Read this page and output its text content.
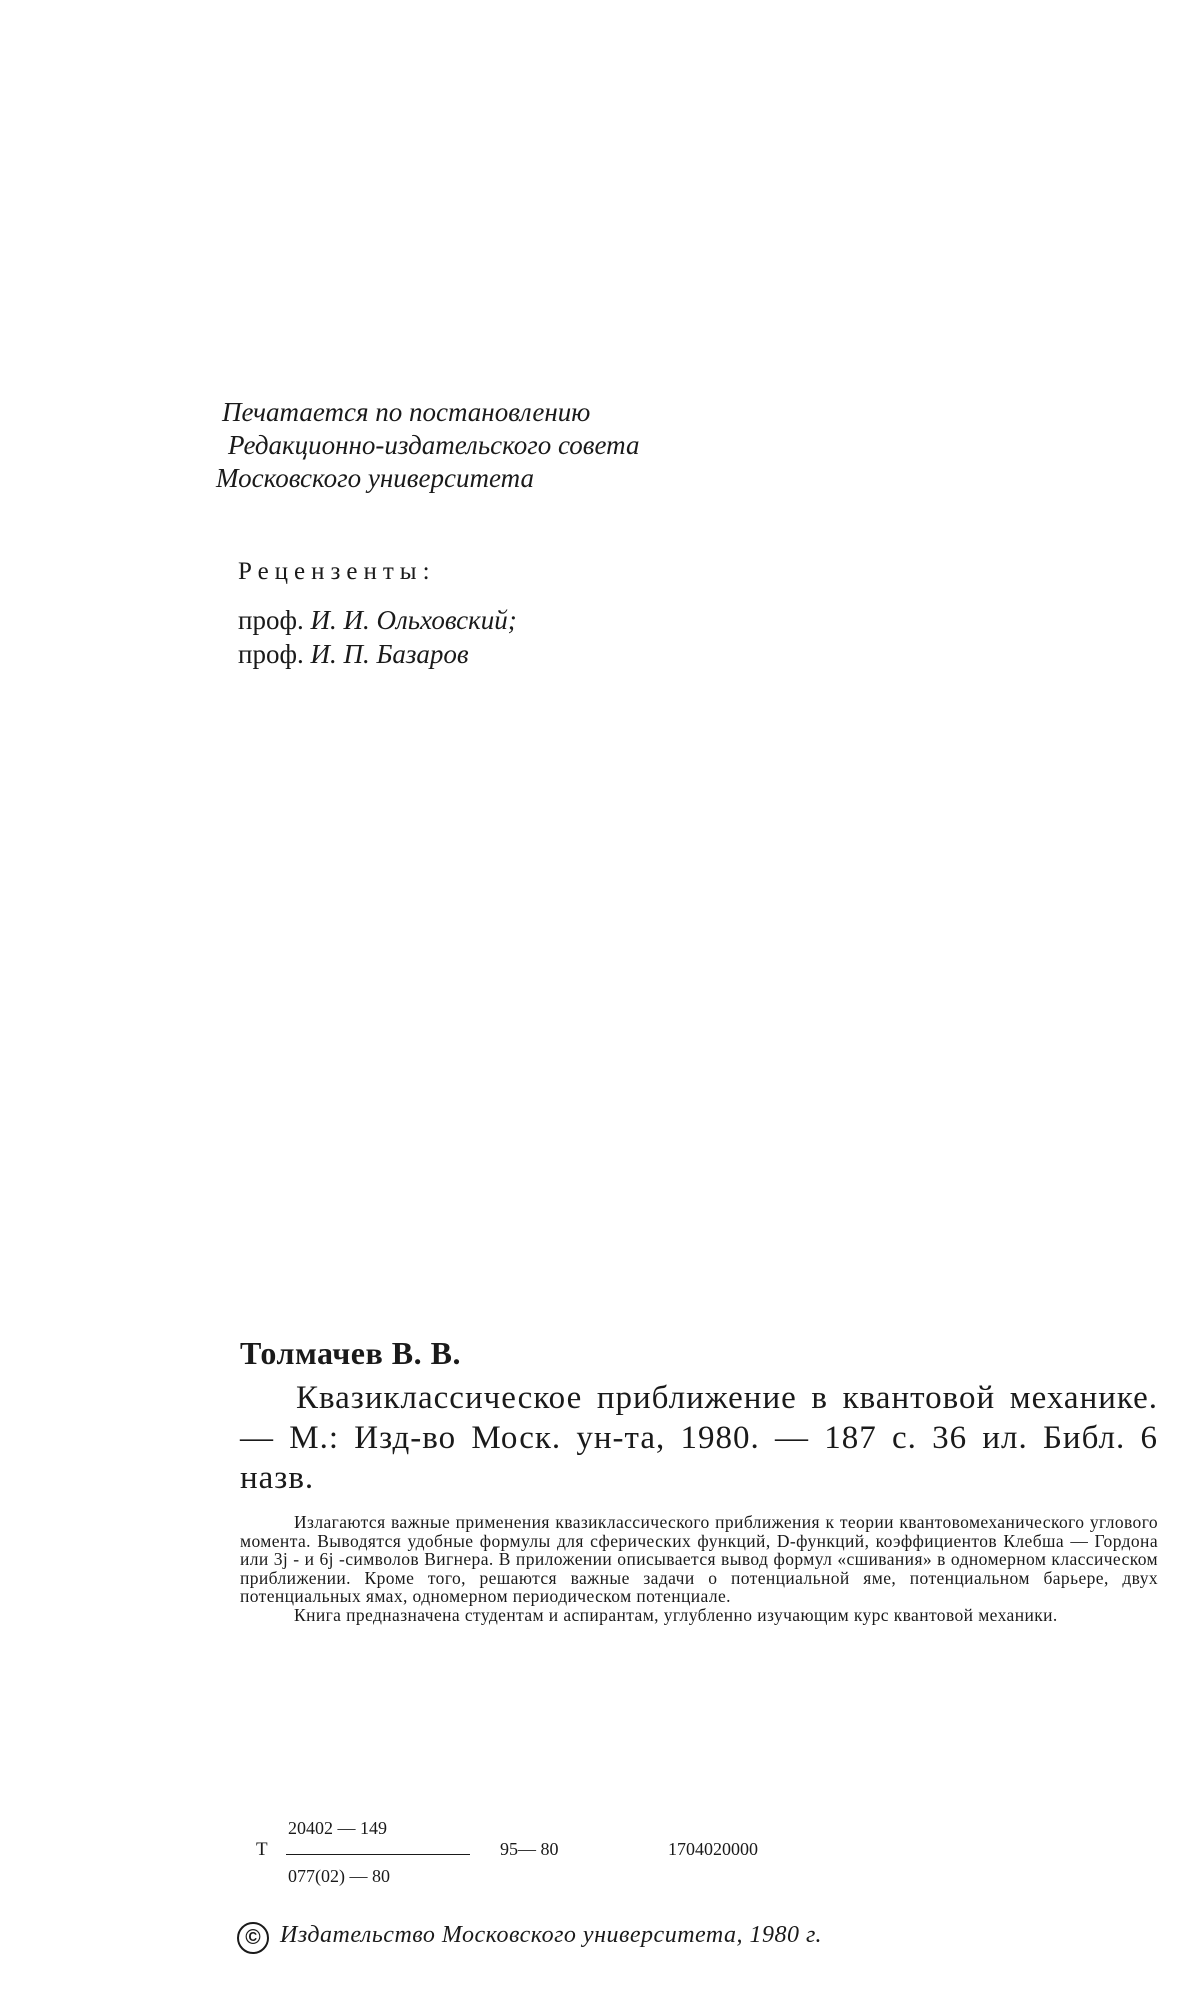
Печатается по постановлению
Редакционно-издательского совета
Московского университета
Рецензенты:
проф. И. И. Ольховский;
проф. И. П. Базаров
Толмачев В. В.

Квазиклассическое приближение в квантовой механике. — М.: Изд-во Моск. ун-та, 1980. — 187 с. 36 ил. Библ. 6 назв.

Излагаются важные применения квазиклассического приближения к теории квантовомеханического углового момента. Выводятся удобные формулы для сферических функций, D-функций, коэффициентов Клебша — Гордона или 3j - и 6j -символов Вигнера. В приложении описывается вывод формул «сшивания» в одномерном классическом приближении. Кроме того, решаются важные задачи о потенциальной яме, потенциальном барьере, двух потенциальных ямах, одномерном периодическом потенциале.

Книга предназначена студентам и аспирантам, углубленно изучающим курс квантовой механики.

Т
20402 — 149
077(02) — 80
95— 80	1704020000
© Издательство Московского университета, 1980 г.
